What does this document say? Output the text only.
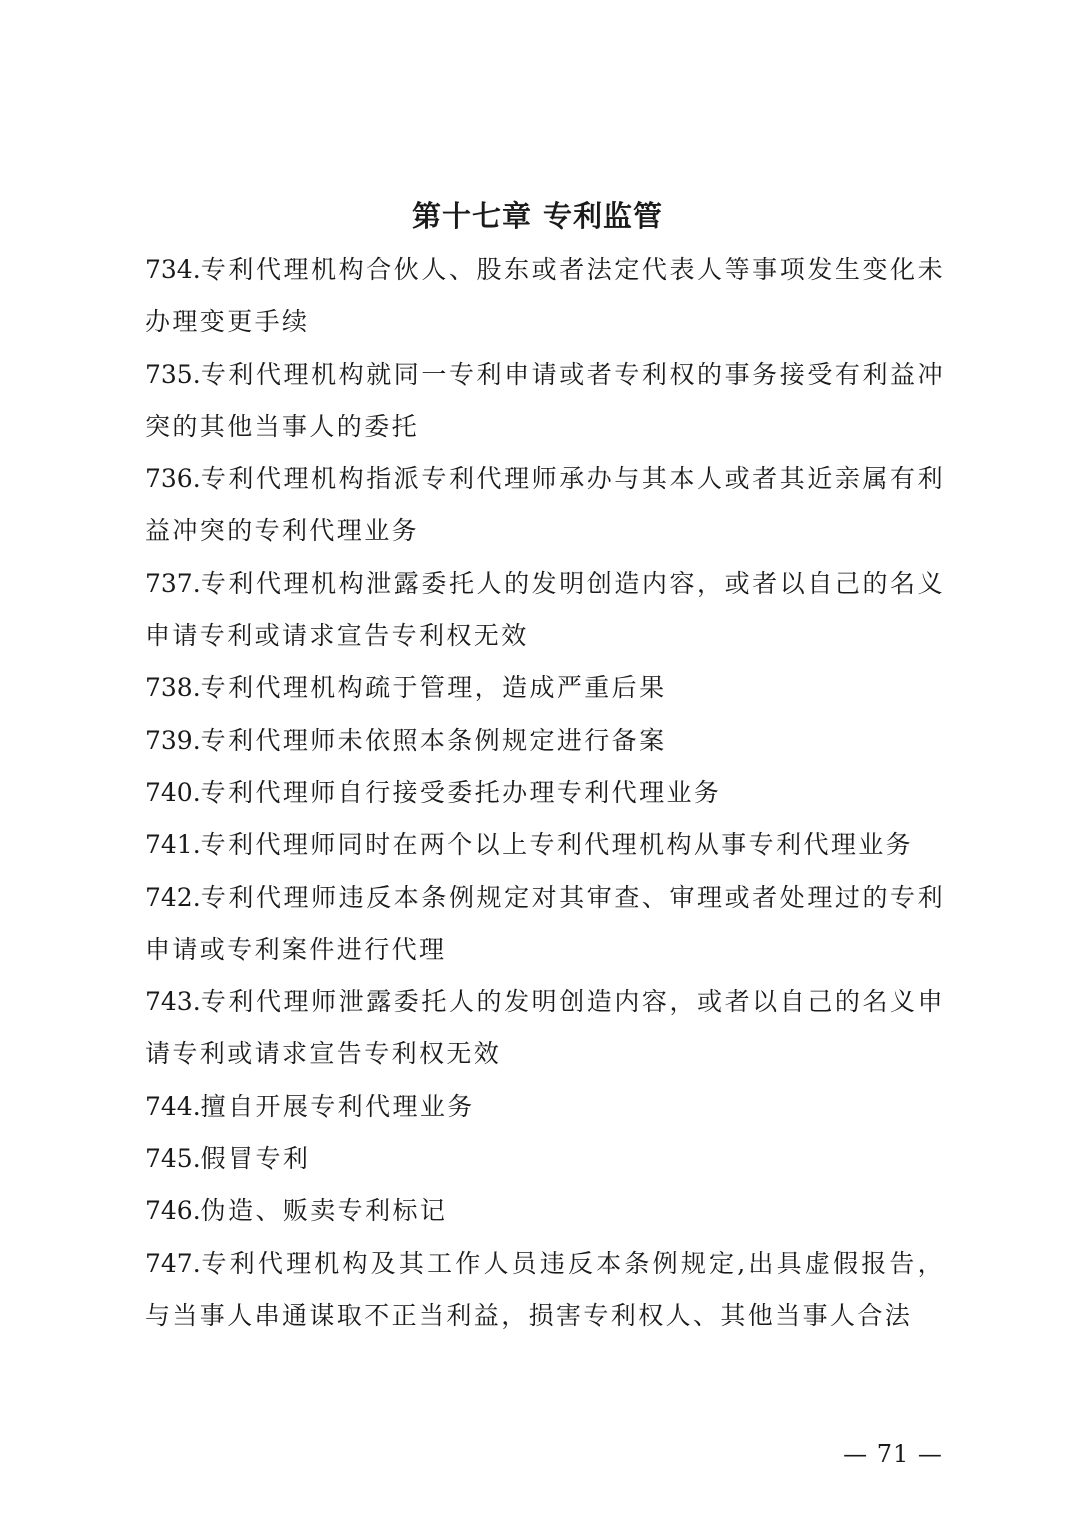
第十七章 专利监管
734.专利代理机构合伙人、股东或者法定代表人等事项发生变化未办理变更手续
735.专利代理机构就同一专利申请或者专利权的事务接受有利益冲突的其他当事人的委托
736.专利代理机构指派专利代理师承办与其本人或者其近亲属有利益冲突的专利代理业务
737.专利代理机构泄露委托人的发明创造内容，或者以自己的名义申请专利或请求宣告专利权无效
738.专利代理机构疏于管理，造成严重后果
739.专利代理师未依照本条例规定进行备案
740.专利代理师自行接受委托办理专利代理业务
741.专利代理师同时在两个以上专利代理机构从事专利代理业务
742.专利代理师违反本条例规定对其审查、审理或者处理过的专利申请或专利案件进行代理
743.专利代理师泄露委托人的发明创造内容，或者以自己的名义申请专利或请求宣告专利权无效
744.擅自开展专利代理业务
745.假冒专利
746.伪造、贩卖专利标记
747.专利代理机构及其工作人员违反本条例规定,出具虚假报告，与当事人串通谋取不正当利益，损害专利权人、其他当事人合法
— 71 —
